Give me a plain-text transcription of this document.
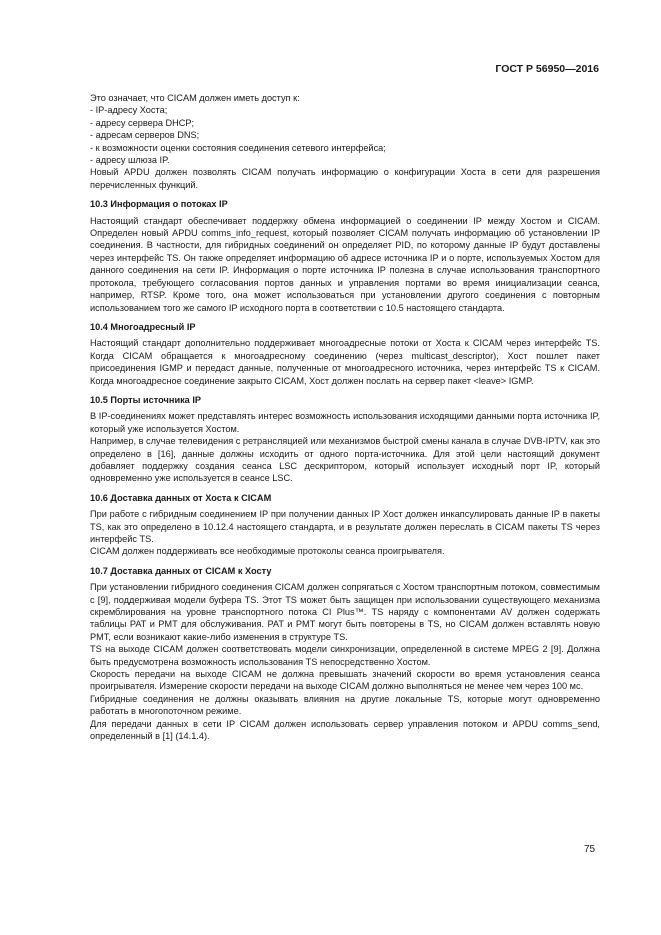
ГОСТ Р 56950—2016

Это означает, что CICAM должен иметь доступ к:

- IP-адресу Хоста;

- адресу сервера DHCP;

- адресам серверов DNS;

- к возможности оценки состояния соединения сетевого интерфейса;

- адресу шлюза IP.

Новый APDU должен позволять CICAM получать информацию о конфигурации Хоста в сети для разрешения перечисленных функций.

10.3 Информация о потоках IP

Настоящий стандарт обеспечивает поддержку обмена информацией о соединении IP между Хостом и CICAM. Определен новый APDU comms_info_request, который позволяет CICAM получать информацию об установлении IP соединения. В частности, для гибридных соединений он определяет PID, по которому данные IP будут доставлены через интерфейс TS. Он также определяет информацию об адресе источника IP и о порте, используемых Хостом для данного соединения на сети IP. Информация о порте источника IP полезна в случае использования транспортного протокола, требующего согласования портов данных и управления портами во время инициализации сеанса, например, RTSP. Кроме того, она может использоваться при установлении другого соединения с повторным использованием того же самого IP исходного порта в соответствии с 10.5 настоящего стандарта.

10.4 Многоадресный IP

Настоящий стандарт дополнительно поддерживает многоадресные потоки от Хоста к CICAM через интерфейс TS. Когда CICAM обращается к многоадресному соединению (через multicast_descriptor), Хост пошлет пакет присоединения IGMP и передаст данные, полученные от многоадресного источника, через интерфейс TS к CICAM. Когда многоадресное соединение закрыто CICAM, Хост должен послать на сервер пакет <leave> IGMP.

10.5 Порты источника IP

В IP-соединениях может представлять интерес возможность использования исходящими данными порта источника IP, который уже используется Хостом.

Например, в случае телевидения с ретрансляцией или механизмов быстрой смены канала в случае DVB-IPTV, как это определено в [16], данные должны исходить от одного порта-источника. Для этой цели настоящий документ добавляет поддержку создания сеанса LSC дескриптором, который использует исходный порт IP, который одновременно уже используется в сеансе LSC.

10.6 Доставка данных от Хоста к CICAM

При работе с гибридным соединением IP при получении данных IP Хост должен инкапсулировать данные IP в пакеты TS, как это определено в 10.12.4 настоящего стандарта, и в результате должен переслать в CICAM пакеты TS через интерфейс TS.

CICAM должен поддерживать все необходимые протоколы сеанса проигрывателя.

10.7 Доставка данных от CICAM к Хосту

При установлении гибридного соединения CICAM должен сопрягаться с Хостом транспортным потоком, совместимым с [9], поддерживая модели буфера TS. Этот TS может быть защищен при использовании существующего механизма скремблирования на уровне транспортного потока CI Plus™. TS наряду с компонентами AV должен содержать таблицы PAT и PMT для обслуживания. PAT и PMT могут быть повторены в TS, но CICAM должен вставлять новую PMT, если возникают какие-либо изменения в структуре TS.

TS на выходе CICAM должен соответствовать модели синхронизации, определенной в системе MPEG 2 [9]. Должна быть предусмотрена возможность использования TS непосредственно Хостом.

Скорость передачи на выходе CICAM не должна превышать значений скорости во время установления сеанса проигрывателя. Измерение скорости передачи на выходе CICAM должно выполняться не менее чем через 100 мс.

Гибридные соединения не должны оказывать влияния на другие локальные TS, которые могут одновременно работать в многопоточном режиме.

Для передачи данных в сети IP CICAM должен использовать сервер управления потоком и APDU comms_send, определенный в [1] (14.1.4).

75
